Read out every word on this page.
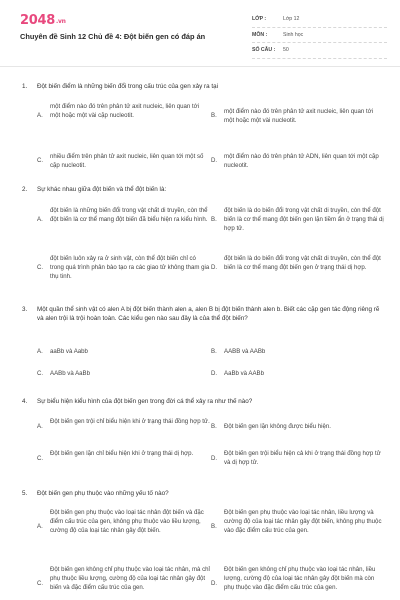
2048.vn
Chuyên đề Sinh 12 Chủ đề 4: Đột biến gen có đáp án
LỚP :	Lớp 12
MÔN :	Sinh học
SỐ CÂU : 50
1. Đột biến điểm là những biến đổi trong cấu trúc của gen xảy ra tại
A.
một điểm nào đó trên phân tử axit nucleic, liên quan tới một hoặc một vài cặp nucleotit.	B.
một điểm nào đó trên phân tử axit nucleic, liên quan tới một hoặc một vài nucleotit.
C.
nhiều điểm trên phân tử axit nucleic, liên quan tới một số cặp nucleotit.
D.
một điểm nào đó trên phân tử ADN, liên quan tới một cặp nucleotit.
2. Sự khác nhau giữa đột biến và thể đột biến là:
A.
đột biến là những biến đổi trong vật chất di truyền, còn thể đột biến là cơ thể mang đột biến đã biểu hiện ra kiểu hình. B.
đột biến là do biến đổi trong vật chất di truyền, còn thể đột biến là cơ thể mang đột biến gen lặn tiềm ẩn ở trạng thái dị hợp tử.
C.
đột biến luôn xảy ra ở sinh vật, còn thể đột biến chỉ có trong quá trình phân bào tạo ra các giao tử không tham gia thụ tinh.
D.
đột biến là do biến đổi trong vật chất di truyền, còn thể đột biến là cơ thể mang đột biến gen ở trạng thái dị hợp.
3. Một quần thể sinh vật có alen A bị đột biến thành alen a, alen B bị đột biến thành alen b. Biết các cặp gen tác động riêng rẽ và alen trội là trội hoàn toàn. Các kiểu gen nào sau đây là của thể đột biến?
A. aaBb và Aabb	B. AABB và AABb
C. AABb và AaBb	D. AaBb và AABb
4. Sự biểu hiện kiểu hình của đột biến gen trong đời cá thể xảy ra như thế nào?
A.
Đột biến gen trội chỉ biểu hiện khi ở trạng thái đồng hợp tử.
B. Đột biến gen lặn không được biểu hiện.
C.
Đột biến gen lặn chỉ biểu hiện khi ở trạng thái dị hợp.
D.
Đột biến gen trội biểu hiện cả khi ở trạng thái đồng hợp tử và dị hợp tử.
5. Đột biến gen phụ thuộc vào những yếu tố nào?
A.
Đột biến gen phụ thuộc vào loại tác nhân đột biến và đặc điểm cấu trúc của gen, không phụ thuộc vào liều lượng, cường độ của loại tác nhân gây đột biến.
B.
Đột biến gen phụ thuộc vào loại tác nhân, liều lượng và cường độ của loại tác nhân gây đột biến, không phụ thuộc vào đặc điểm cấu trúc của gen.
C.
Đột biến gen không chỉ phụ thuộc vào loại tác nhân, mà chỉ phụ thuộc liều lượng, cường độ của loại tác nhân gây đột biến và đặc điểm cấu trúc của gen.
D.
Đột biến gen không chỉ phụ thuộc vào loại tác nhân, liều lượng, cường độ của loại tác nhân gây đột biến mà còn phụ thuộc vào đặc điểm cấu trúc của gen.
